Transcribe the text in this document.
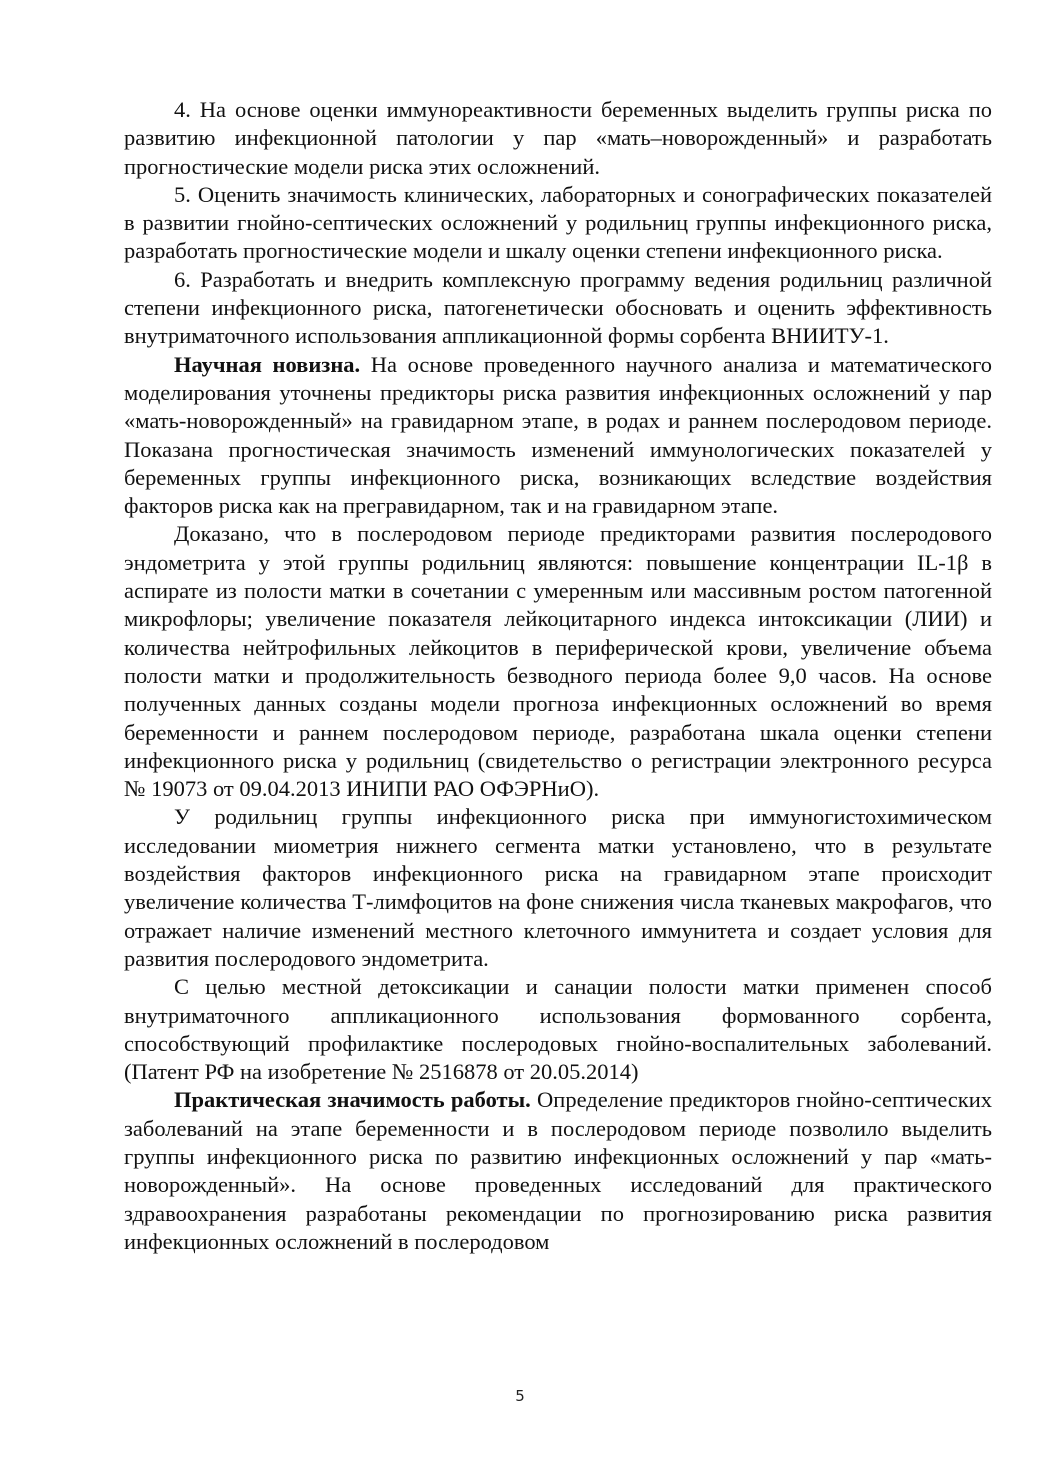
4. На основе оценки иммунореактивности беременных выделить группы риска по развитию инфекционной патологии у пар «мать–новорожденный» и разработать прогностические модели риска этих осложнений.

5. Оценить значимость клинических, лабораторных и сонографических показателей в развитии гнойно-септических осложнений у родильниц группы инфекционного риска, разработать прогностические модели и шкалу оценки степени инфекционного риска.

6. Разработать и внедрить комплексную программу ведения родильниц различной степени инфекционного риска, патогенетически обосновать и оценить эффективность внутриматочного использования аппликационной формы сорбента ВНИИТУ-1.

Научная новизна. На основе проведенного научного анализа и математического моделирования уточнены предикторы риска развития инфекционных осложнений у пар «мать-новорожденный» на гравидарном этапе, в родах и раннем послеродовом периоде. Показана прогностическая значимость изменений иммунологических показателей у беременных группы инфекционного риска, возникающих вследствие воздействия факторов риска как на прегравидарном, так и на гравидарном этапе.

Доказано, что в послеродовом периоде предикторами развития послеродового эндометрита у этой группы родильниц являются: повышение концентрации IL-1β в аспирате из полости матки в сочетании с умеренным или массивным ростом патогенной микрофлоры; увеличение показателя лейкоцитарного индекса интоксикации (ЛИИ) и количества нейтрофильных лейкоцитов в периферической крови, увеличение объема полости матки и продолжительность безводного периода более 9,0 часов. На основе полученных данных созданы модели прогноза инфекционных осложнений во время беременности и раннем послеродовом периоде, разработана шкала оценки степени инфекционного риска у родильниц (свидетельство о регистрации электронного ресурса № 19073 от 09.04.2013 ИНИПИ РАО ОФЭРНиО).

У родильниц группы инфекционного риска при иммуногистохимическом исследовании миометрия нижнего сегмента матки установлено, что в результате воздействия факторов инфекционного риска на гравидарном этапе происходит увеличение количества Т-лимфоцитов на фоне снижения числа тканевых макрофагов, что отражает наличие изменений местного клеточного иммунитета и создает условия для развития послеродового эндометрита.

С целью местной детоксикации и санации полости матки применен способ внутриматочного аппликационного использования формованного сорбента, способствующий профилактике послеродовых гнойно-воспалительных заболеваний. (Патент РФ на изобретение № 2516878 от 20.05.2014)

Практическая значимость работы. Определение предикторов гнойно-септических заболеваний на этапе беременности и в послеродовом периоде позволило выделить группы инфекционного риска по развитию инфекционных осложнений у пар «мать-новорожденный». На основе проведенных исследований для практического здравоохранения разработаны рекомендации по прогнозированию риска развития инфекционных осложнений в послеродовом

5
